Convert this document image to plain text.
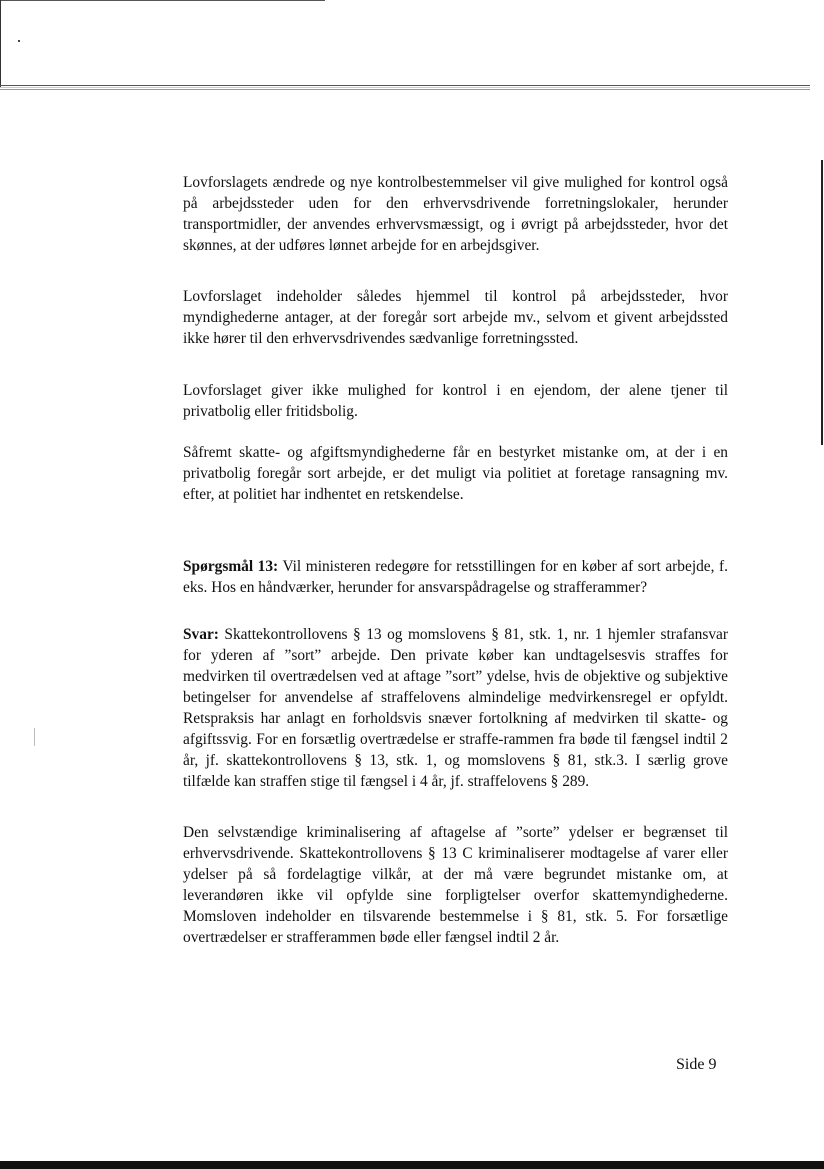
Lovforslagets ændrede og nye kontrolbestemmelser vil give mulighed for kontrol også på arbejdssteder uden for den erhvervsdrivende forretningslokaler, herunder transportmidler, der anvendes erhvervsmæssigt, og i øvrigt på arbejdssteder, hvor det skønnes, at der udføres lønnet arbejde for en arbejdsgiver.

Lovforslaget indeholder således hjemmel til kontrol på arbejdssteder, hvor myndighederne antager, at der foregår sort arbejde mv., selvom et givent arbejdssted ikke hører til den erhvervsdrivendes sædvanlige forretningssted.

Lovforslaget giver ikke mulighed for kontrol i en ejendom, der alene tjener til privatbolig eller fritidsbolig.

Såfremt skatte- og afgiftsmyndighederne får en bestyrket mistanke om, at der i en privatbolig foregår sort arbejde, er det muligt via politiet at foretage ransagning mv. efter, at politiet har indhentet en retskendelse.

Spørgsmål 13: Vil ministeren redegøre for retsstillingen for en køber af sort arbejde, f. eks. Hos en håndværker, herunder for ansvarspådragelse og strafferammer?

Svar: Skattekontrollovens § 13 og momslovens § 81, stk. 1, nr. 1 hjemler strafansvar for yderen af ”sort” arbejde. Den private køber kan undtagelsesvis straffes for medvirken til overtrædelsen ved at aftage ”sort” ydelse, hvis de objektive og subjektive betingelser for anvendelse af straffelovens almindelige medvirkensregel er opfyldt. Retspraksis har anlagt en forholdsvis snæver fortolkning af medvirken til skatte- og afgiftssvig. For en forsætlig overtrædelse er straffe-rammen fra bøde til fængsel indtil 2 år, jf. skattekontrollovens § 13, stk. 1, og momslovens § 81, stk.3. I særlig grove tilfælde kan straffen stige til fængsel i 4 år, jf. straffelovens § 289.

Den selvstændige kriminalisering af aftagelse af ”sorte” ydelser er begrænset til erhvervsdrivende. Skattekontrollovens § 13 C kriminaliserer modtagelse af varer eller ydelser på så fordelagtige vilkår, at der må være begrundet mistanke om, at leverandøren ikke vil opfylde sine forpligtelser overfor skattemyndighederne. Momsloven indeholder en tilsvarende bestemmelse i § 81, stk. 5. For forsætlige overtrædelser er strafferammen bøde eller fængsel indtil 2 år.

Side 9
